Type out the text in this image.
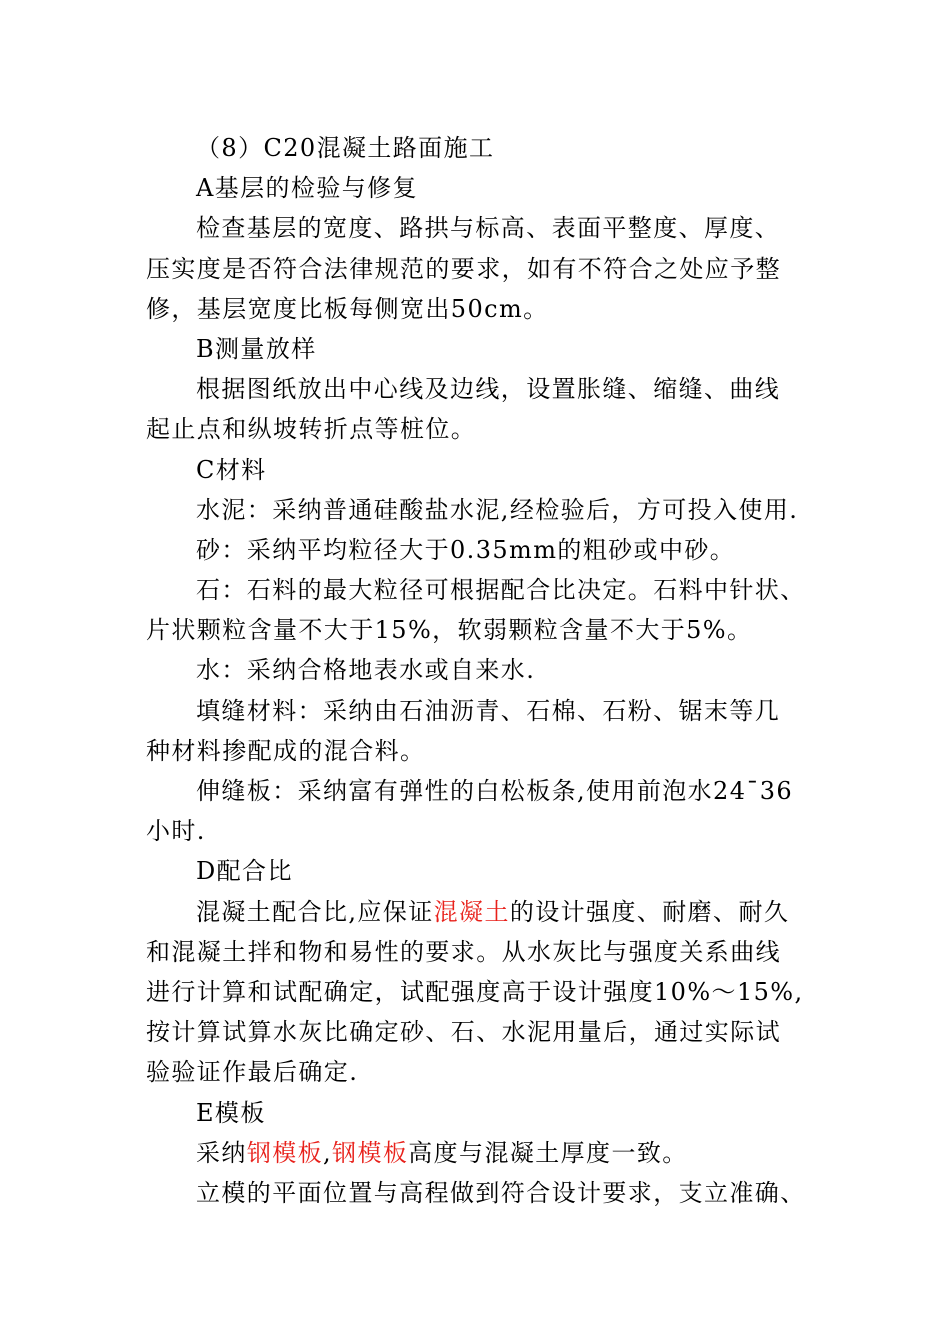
（8）C20混凝土路面施工
A基层的检验与修复
检查基层的宽度、路拱与标高、表面平整度、厚度、
压实度是否符合法律规范的要求，如有不符合之处应予整
修，基层宽度比板每侧宽出50cm。
B测量放样
根据图纸放出中心线及边线，设置胀缝、缩缝、曲线
起止点和纵坡转折点等桩位。
C材料
水泥：采纳普通硅酸盐水泥,经检验后，方可投入使用.
砂：采纳平均粒径大于0.35mm的粗砂或中砂。
石：石料的最大粒径可根据配合比决定。石料中针状、
片状颗粒含量不大于15%，软弱颗粒含量不大于5%。
水：采纳合格地表水或自来水.
填缝材料：采纳由石油沥青、石棉、石粉、锯末等几
种材料掺配成的混合料。
伸缝板：采纳富有弹性的白松板条,使用前泡水24¯36
小时.
D配合比
混凝土配合比,应保证混凝土的设计强度、耐磨、耐久
和混凝土拌和物和易性的要求。从水灰比与强度关系曲线
进行计算和试配确定，试配强度高于设计强度10%～15%,
按计算试算水灰比确定砂、石、水泥用量后，通过实际试
验验证作最后确定.
E模板
采纳钢模板,钢模板高度与混凝土厚度一致。
立模的平面位置与高程做到符合设计要求，支立准确、
